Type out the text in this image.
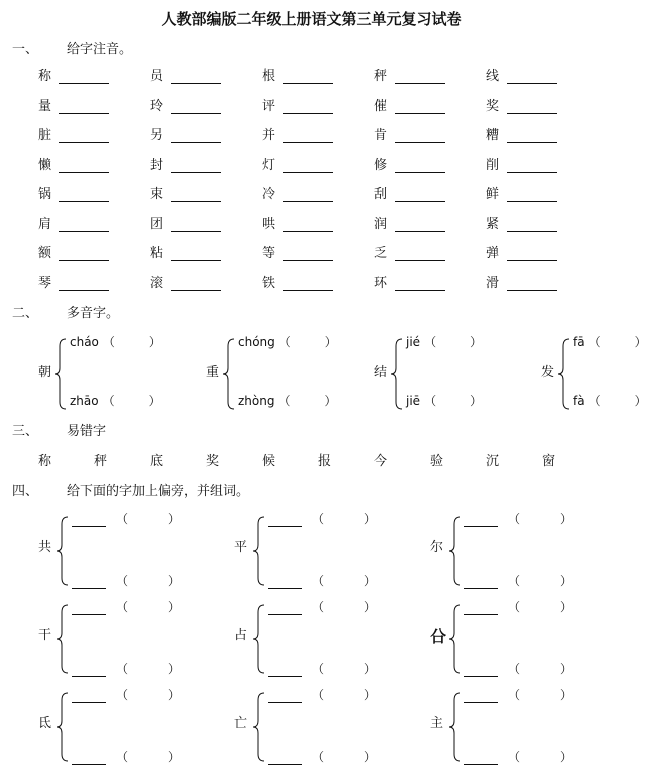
人教部编版二年级上册语文第三单元复习试卷
一、 给字注音。
称	员	根	秤	线
量	玲	评	催	奖
脏	另	并	肯	糟
懒	封	灯	修	削
锅	束	冷	刮	鲜
肩	团	哄	润	紧
额	粘	等	乏	弹
琴	滚	铁	环	滑
二、 多音字。
朝
cháo （	）
zhāo （	）
重
chóng （	）
zhòng （	）
结
jié （	）
jiē （	）
发
fā （	）
fà （	）
三、 易错字
称	秤	底	奖	候	报	今	验	沉	窗
四、 给下面的字加上偏旁，并组词。
共
（	）
（	）
平
（	）
（	）
尔
（	）
（	）
干
（	）
（	）
占
（	）
（	）
㕣
（	）
（	）
氐
（	）
（	）
亡
（	）
（	）
主
（	）
（	）
